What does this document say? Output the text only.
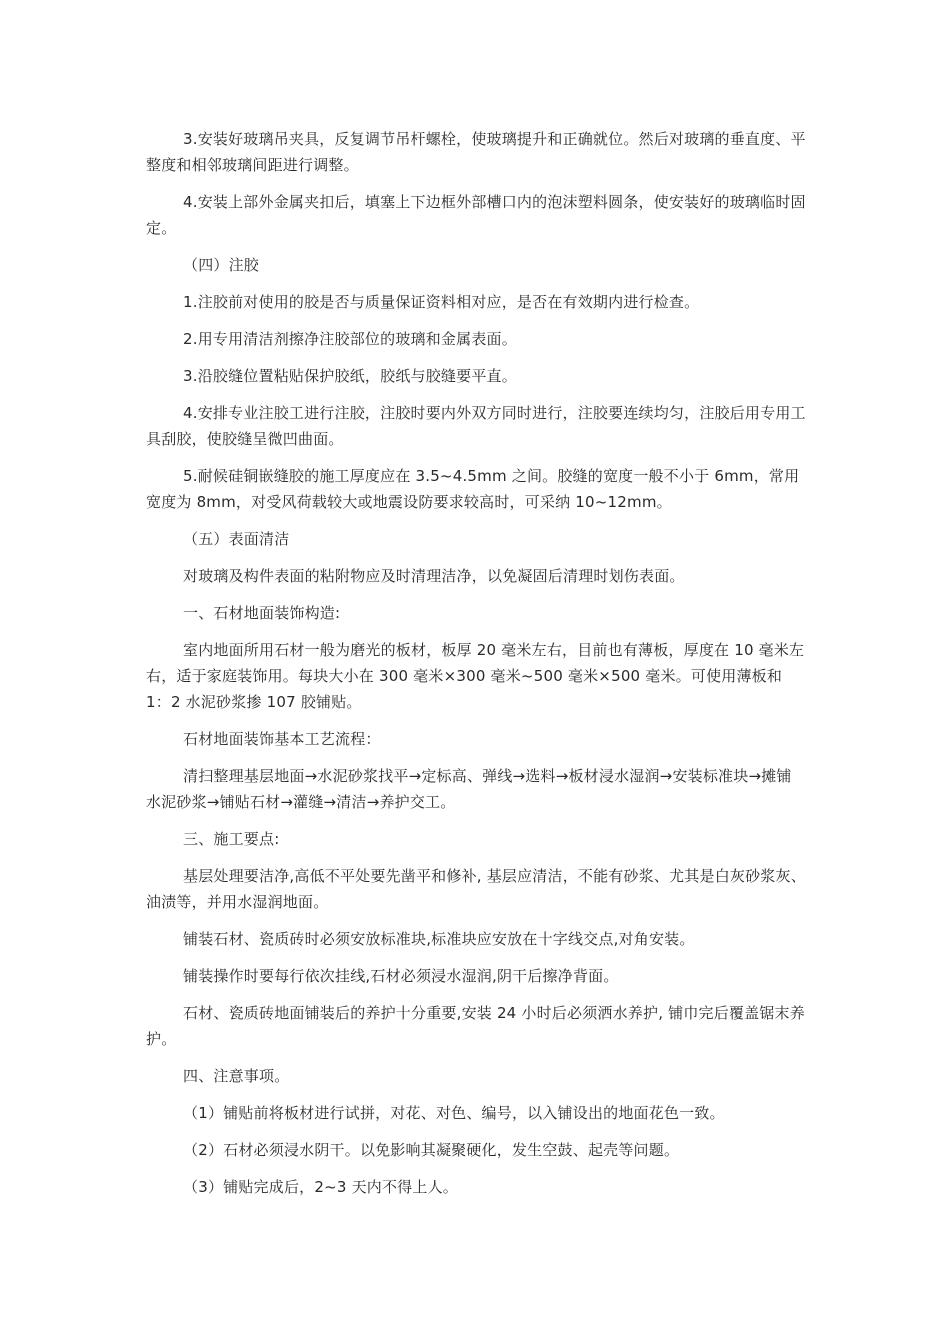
3.安装好玻璃吊夹具，反复调节吊杆螺栓，使玻璃提升和正确就位。然后对玻璃的垂直度、平整度和相邻玻璃间距进行调整。

4.安装上部外金属夹扣后，填塞上下边框外部槽口内的泡沫塑料圆条，使安装好的玻璃临时固定。

（四）注胶

1.注胶前对使用的胶是否与质量保证资料相对应，是否在有效期内进行检查。

2.用专用清洁剂擦净注胶部位的玻璃和金属表面。

3.沿胶缝位置粘贴保护胶纸，胶纸与胶缝要平直。

4.安排专业注胶工进行注胶，注胶时要内外双方同时进行，注胶要连续均匀，注胶后用专用工具刮胶，使胶缝呈微凹曲面。

5.耐候硅铜嵌缝胶的施工厚度应在 3.5~4.5mm 之间。胶缝的宽度一般不小于 6mm，常用宽度为 8mm，对受风荷载较大或地震设防要求较高时，可采纳 10~12mm。

（五）表面清洁

对玻璃及构件表面的粘附物应及时清理洁净，以免凝固后清理时划伤表面。

一、石材地面装饰构造:

室内地面所用石材一般为磨光的板材，板厚 20 毫米左右，目前也有薄板，厚度在 10 毫米左右，适于家庭装饰用。每块大小在 300 毫米×300 毫米~500 毫米×500 毫米。可使用薄板和 1：2 水泥砂浆掺 107 胶铺贴。

石材地面装饰基本工艺流程：

清扫整理基层地面→水泥砂浆找平→定标高、弹线→选料→板材浸水湿润→安装标准块→摊铺水泥砂浆→铺贴石材→灌缝→清洁→养护交工。

三、施工要点:

基层处理要洁净,高低不平处要先凿平和修补, 基层应清洁，不能有砂浆、尤其是白灰砂浆灰、油渍等，并用水湿润地面。

铺装石材、瓷质砖时必须安放标准块,标准块应安放在十字线交点,对角安装。

铺装操作时要每行依次挂线,石材必须浸水湿润,阴干后擦净背面。

石材、瓷质砖地面铺装后的养护十分重要,安装 24 小时后必须洒水养护, 铺巾完后覆盖锯末养护。

四、注意事项。

（1）铺贴前将板材进行试拼，对花、对色、编号，以入铺设出的地面花色一致。

（2）石材必须浸水阴干。以免影响其凝聚硬化，发生空鼓、起壳等问题。

（3）铺贴完成后，2~3 天内不得上人。
